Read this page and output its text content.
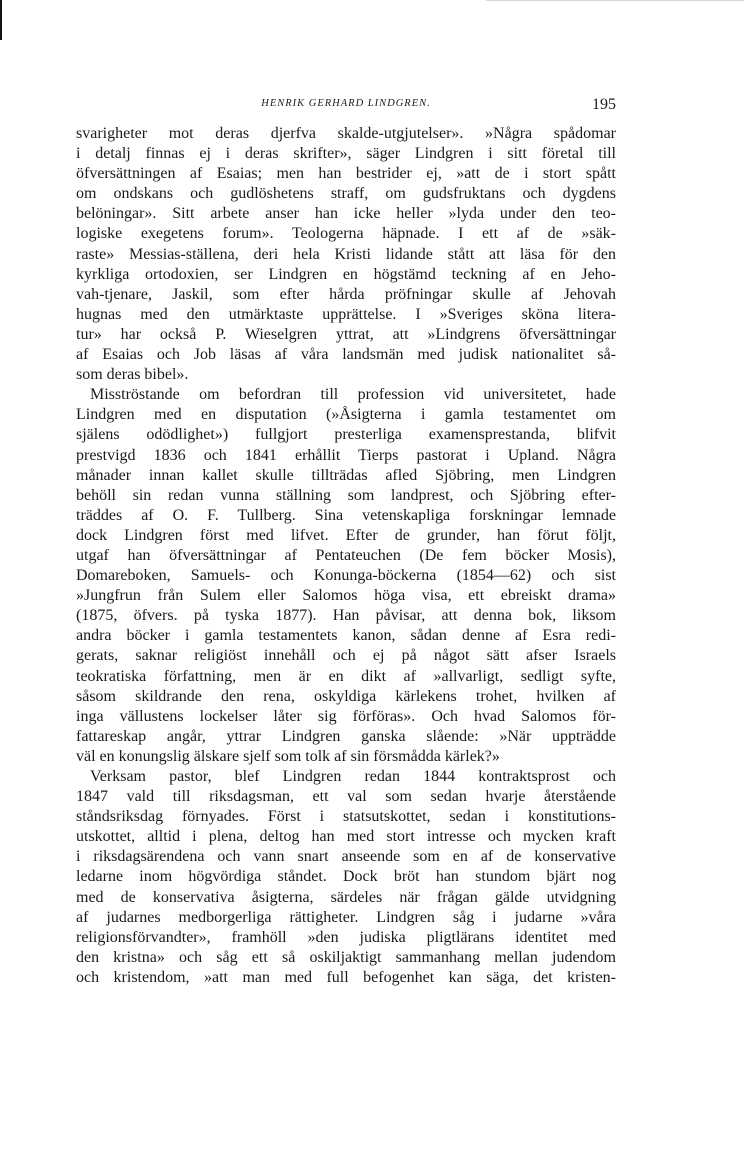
HENRIK GERHARD LINDGREN.	195
svarigheter mot deras djerfva skalde-utgjutelser». »Några spådomar
i detalj finnas ej i deras skrifter», säger Lindgren i sitt företal till
öfversättningen af Esaias; men han bestrider ej, »att de i stort spått
om ondskans och gudlöshetens straff, om gudsfruktans och dygdens
belöningar». Sitt arbete anser han icke heller »lyda under den teo-
logiske exegetens forum». Teologerna häpnade. I ett af de »säk-
raste» Messias-ställena, deri hela Kristi lidande stått att läsa för den
kyrkliga ortodoxien, ser Lindgren en högstämd teckning af en Jeho-
vah-tjenare, Jaskil, som efter hårda pröfningar skulle af Jehovah
hugnas med den utmärktaste upprättelse. I »Sveriges sköna litera-
tur» har också P. Wieselgren yttrat, att »Lindgrens öfversättningar
af Esaias och Job läsas af våra landsmän med judisk nationalitet så-
som deras bibel».
Misströstande om befordran till profession vid universitetet, hade
Lindgren med en disputation (»Åsigterna i gamla testamentet om
själens odödlighet») fullgjort presterliga examensprestanda, blifvit
prestvigd 1836 och 1841 erhållit Tierps pastorat i Upland. Några
månader innan kallet skulle tillträdas afled Sjöbring, men Lindgren
behöll sin redan vunna ställning som landprest, och Sjöbring efter-
träddes af O. F. Tullberg. Sina vetenskapliga forskningar lemnade
dock Lindgren först med lifvet. Efter de grunder, han förut följt,
utgaf han öfversättningar af Pentateuchen (De fem böcker Mosis),
Domareboken, Samuels- och Konunga-böckerna (1854—62) och sist
»Jungfrun från Sulem eller Salomos höga visa, ett ebreiskt drama»
(1875, öfvers. på tyska 1877). Han påvisar, att denna bok, liksom
andra böcker i gamla testamentets kanon, sådan denne af Esra redi-
gerats, saknar religiöst innehåll och ej på något sätt afser Israels
teokratiska författning, men är en dikt af »allvarligt, sedligt syfte,
såsom skildrande den rena, oskyldiga kärlekens trohet, hvilken af
inga vällustens lockelser låter sig förföras». Och hvad Salomos för-
fattareskap angår, yttrar Lindgren ganska slående: »När uppträdde
väl en konungslig älskare sjelf som tolk af sin försmådda kärlek?»
Verksam pastor, blef Lindgren redan 1844 kontraktsprost och
1847 vald till riksdagsman, ett val som sedan hvarje återstående
ståndsriksdag förnyades. Först i statsutskottet, sedan i konstitutions-
utskottet, alltid i plena, deltog han med stort intresse och mycken kraft
i riksdagsärendena och vann snart anseende som en af de konservative
ledarne inom högvördiga ståndet. Dock bröt han stundom bjärt nog
med de konservativa åsigterna, särdeles när frågan gälde utvidgning
af judarnes medborgerliga rättigheter. Lindgren såg i judarne »våra
religionsförvandter», framhöll »den judiska pligtlärans identitet med
den kristna» och såg ett så oskiljaktigt sammanhang mellan judendom
och kristendom, »att man med full befogenhet kan säga, det kristen-
